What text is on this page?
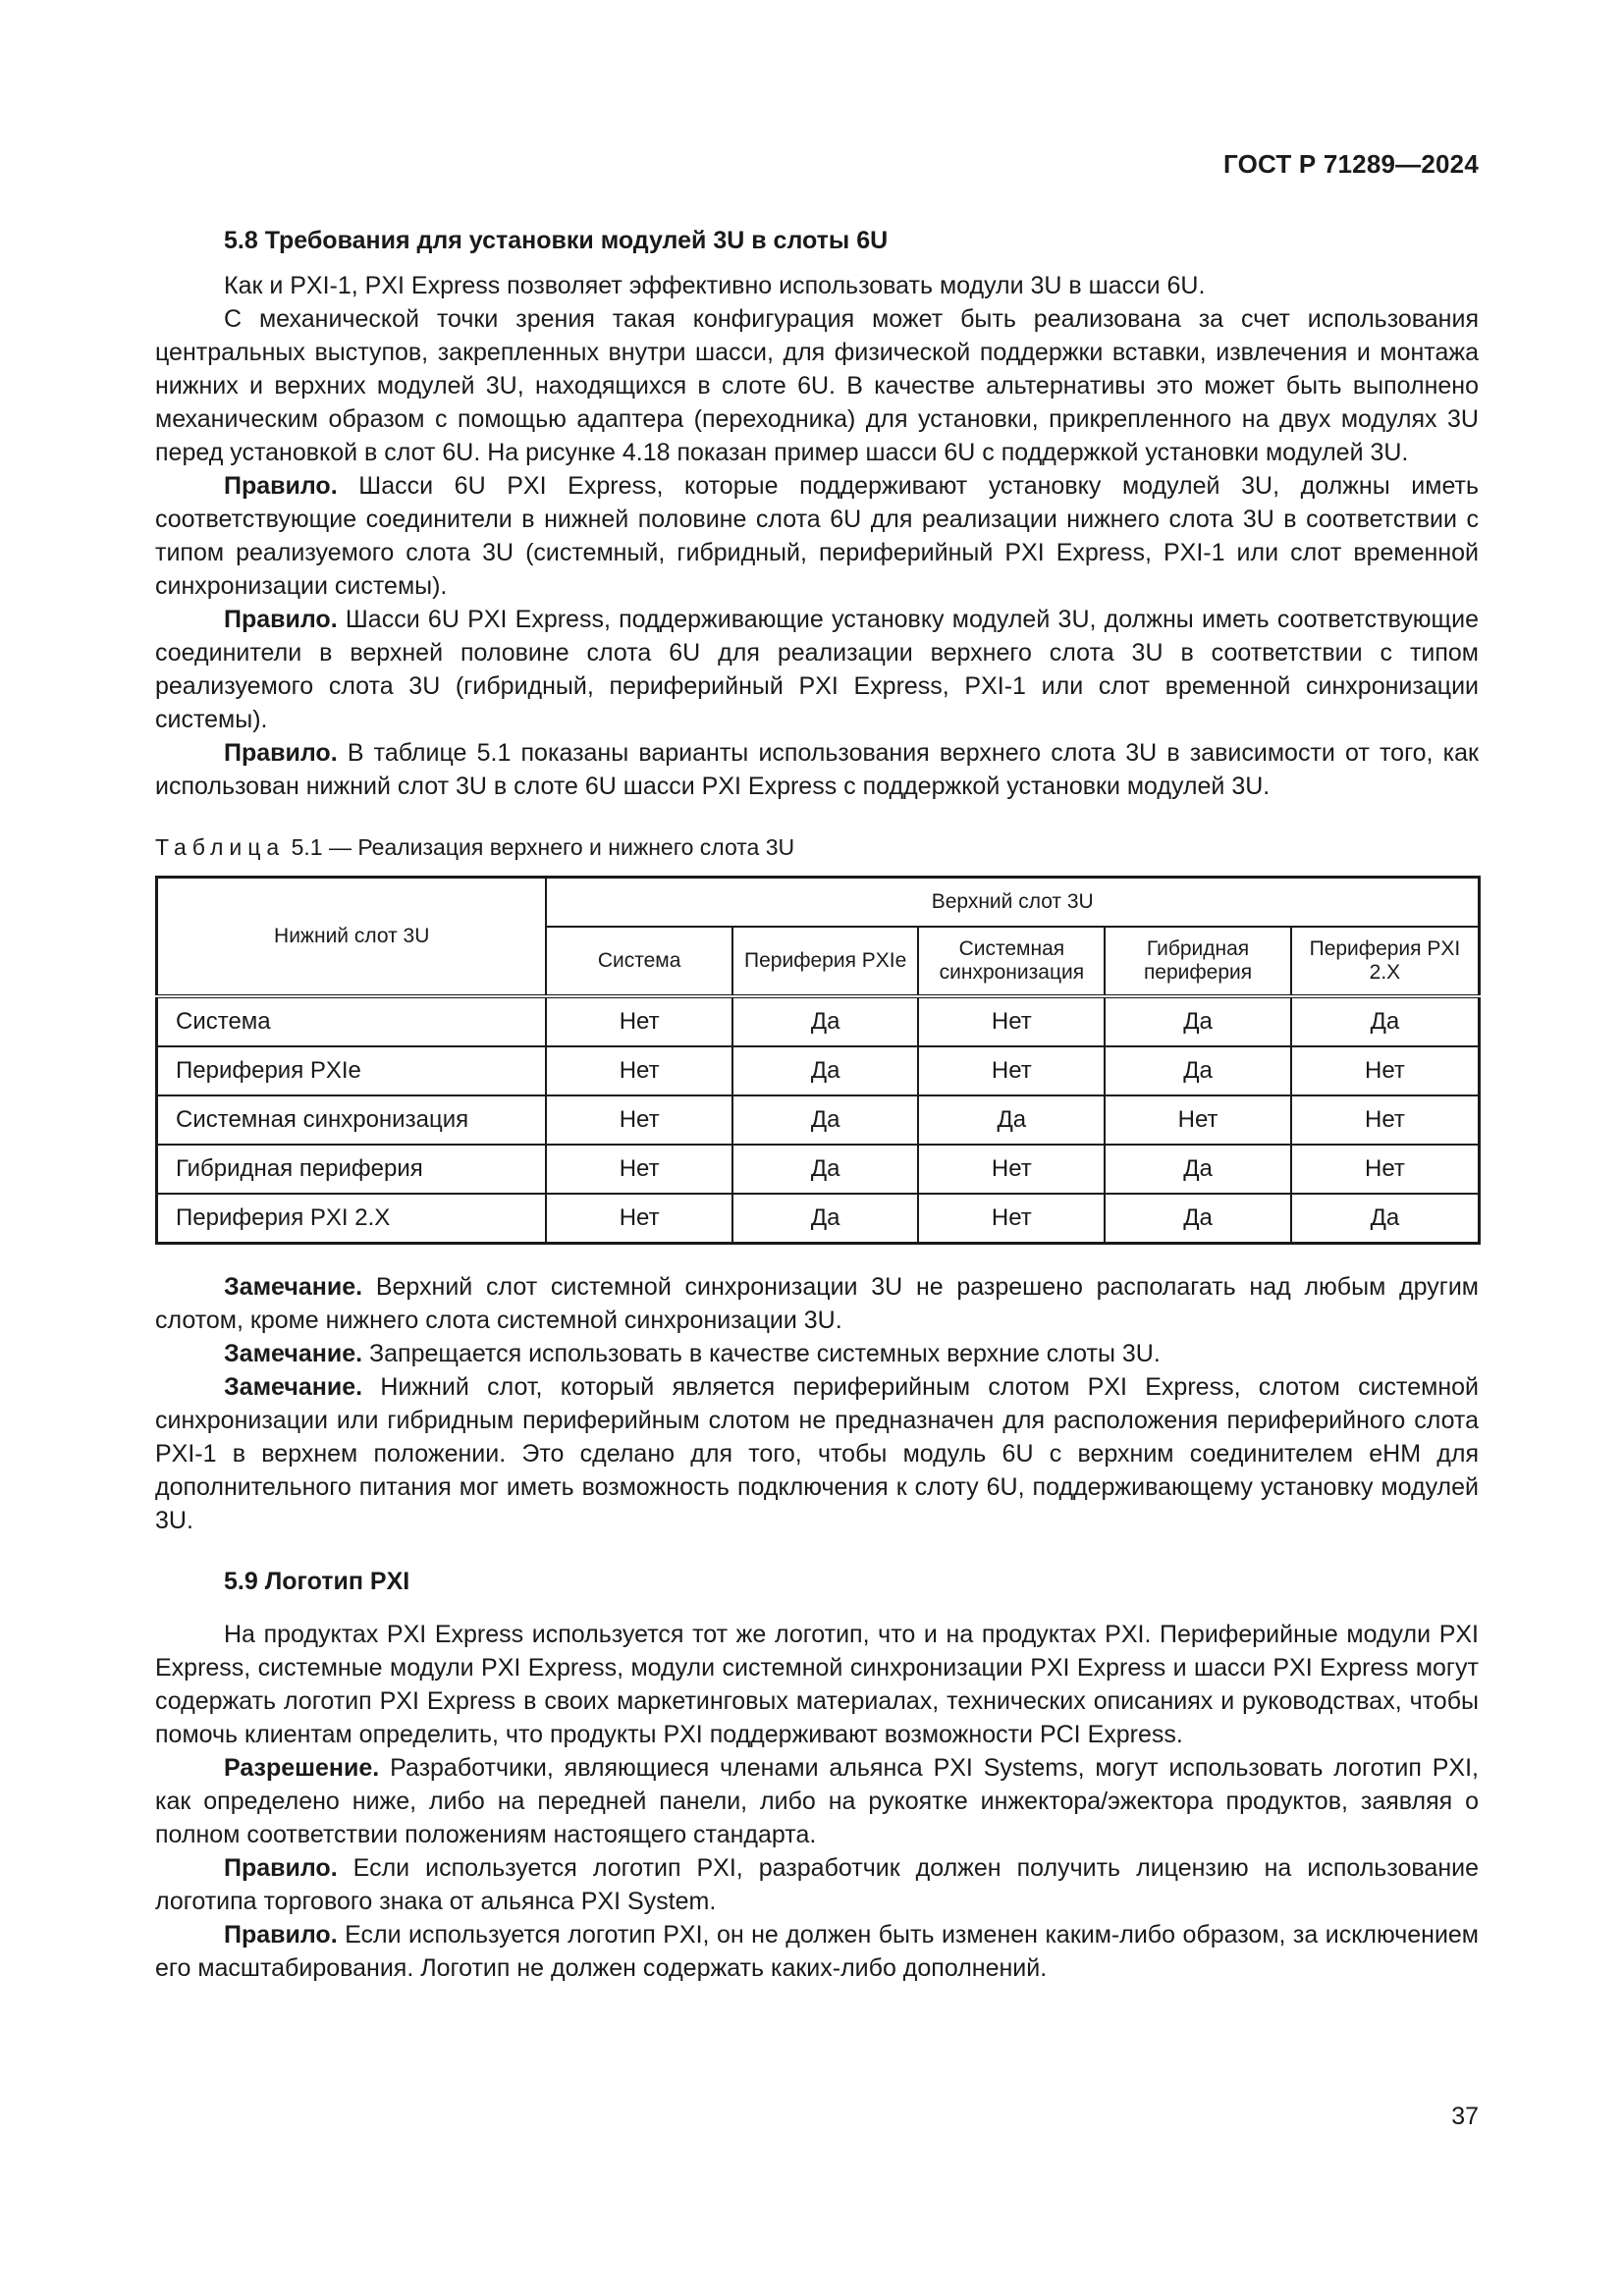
ГОСТ Р 71289—2024
5.8 Требования для установки модулей 3U в слоты 6U

Как и PXI-1, PXI Express позволяет эффективно использовать модули 3U в шасси 6U.

С механической точки зрения такая конфигурация может быть реализована за счет использования центральных выступов, закрепленных внутри шасси, для физической поддержки вставки, извлечения и монтажа нижних и верхних модулей 3U, находящихся в слоте 6U. В качестве альтернативы это может быть выполнено механическим образом с помощью адаптера (переходника) для установки, прикрепленного на двух модулях 3U перед установкой в слот 6U. На рисунке 4.18 показан пример шасси 6U с поддержкой установки модулей 3U.

Правило. Шасси 6U PXI Express, которые поддерживают установку модулей 3U, должны иметь соответствующие соединители в нижней половине слота 6U для реализации нижнего слота 3U в соответствии с типом реализуемого слота 3U (системный, гибридный, периферийный PXI Express, PXI-1 или слот временной синхронизации системы).

Правило. Шасси 6U PXI Express, поддерживающие установку модулей 3U, должны иметь соответствующие соединители в верхней половине слота 6U для реализации верхнего слота 3U в соответствии с типом реализуемого слота 3U (гибридный, периферийный PXI Express, PXI-1 или слот временной синхронизации системы).

Правило. В таблице 5.1 показаны варианты использования верхнего слота 3U в зависимости от того, как использован нижний слот 3U в слоте 6U шасси PXI Express с поддержкой установки модулей 3U.

Таблица 5.1 — Реализация верхнего и нижнего слота 3U
Нижний слот 3U	Верхний слот 3U				
	Система	Периферия PXIe	Системная синхронизация	Гибридная периферия	Периферия PXI 2.X
Система	Нет	Да	Нет	Да	Да
Периферия PXIe	Нет	Да	Нет	Да	Нет
Системная синхронизация	Нет	Да	Да	Нет	Нет
Гибридная периферия	Нет	Да	Нет	Да	Нет
Периферия PXI 2.X	Нет	Да	Нет	Да	Да

Замечание. Верхний слот системной синхронизации 3U не разрешено располагать над любым другим слотом, кроме нижнего слота системной синхронизации 3U.

Замечание. Запрещается использовать в качестве системных верхние слоты 3U.

Замечание. Нижний слот, который является периферийным слотом PXI Express, слотом системной синхронизации или гибридным периферийным слотом не предназначен для расположения периферийного слота PXI-1 в верхнем положении. Это сделано для того, чтобы модуль 6U с верхним соединителем eHM для дополнительного питания мог иметь возможность подключения к слоту 6U, поддерживающему установку модулей 3U.

5.9 Логотип PXI

На продуктах PXI Express используется тот же логотип, что и на продуктах PXI. Периферийные модули PXI Express, системные модули PXI Express, модули системной синхронизации PXI Express и шасси PXI Express могут содержать логотип PXI Express в своих маркетинговых материалах, технических описаниях и руководствах, чтобы помочь клиентам определить, что продукты PXI поддерживают возможности PCI Express.

Разрешение. Разработчики, являющиеся членами альянса PXI Systems, могут использовать логотип PXI, как определено ниже, либо на передней панели, либо на рукоятке инжектора/эжектора продуктов, заявляя о полном соответствии положениям настоящего стандарта.

Правило. Если используется логотип PXI, разработчик должен получить лицензию на использование логотипа торгового знака от альянса PXI System.

Правило. Если используется логотип PXI, он не должен быть изменен каким-либо образом, за исключением его масштабирования. Логотип не должен содержать каких-либо дополнений.

37
